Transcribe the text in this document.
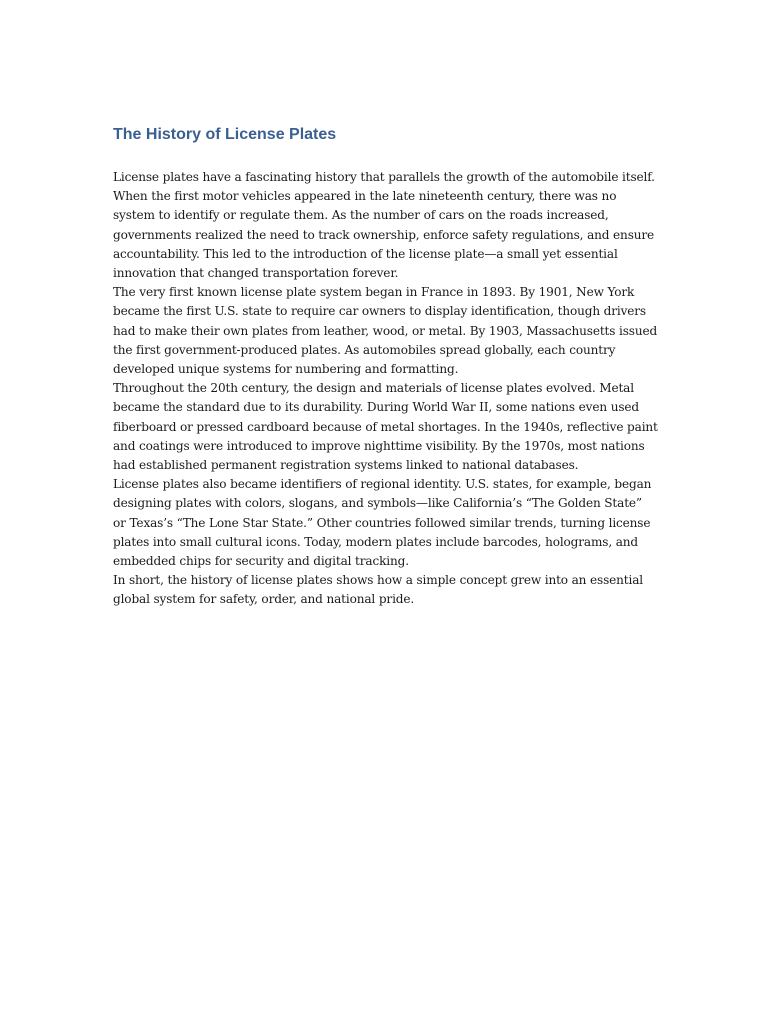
The History of License Plates

License plates have a fascinating history that parallels the growth of the automobile itself. When the first motor vehicles appeared in the late nineteenth century, there was no system to identify or regulate them. As the number of cars on the roads increased, governments realized the need to track ownership, enforce safety regulations, and ensure accountability. This led to the introduction of the license plate—a small yet essential innovation that changed transportation forever.

The very first known license plate system began in France in 1893. By 1901, New York became the first U.S. state to require car owners to display identification, though drivers had to make their own plates from leather, wood, or metal. By 1903, Massachusetts issued the first government-produced plates. As automobiles spread globally, each country developed unique systems for numbering and formatting.

Throughout the 20th century, the design and materials of license plates evolved. Metal became the standard due to its durability. During World War II, some nations even used fiberboard or pressed cardboard because of metal shortages. In the 1940s, reflective paint and coatings were introduced to improve nighttime visibility. By the 1970s, most nations had established permanent registration systems linked to national databases.

License plates also became identifiers of regional identity. U.S. states, for example, began designing plates with colors, slogans, and symbols—like California’s “The Golden State” or Texas’s “The Lone Star State.” Other countries followed similar trends, turning license plates into small cultural icons. Today, modern plates include barcodes, holograms, and embedded chips for security and digital tracking.

In short, the history of license plates shows how a simple concept grew into an essential global system for safety, order, and national pride.
